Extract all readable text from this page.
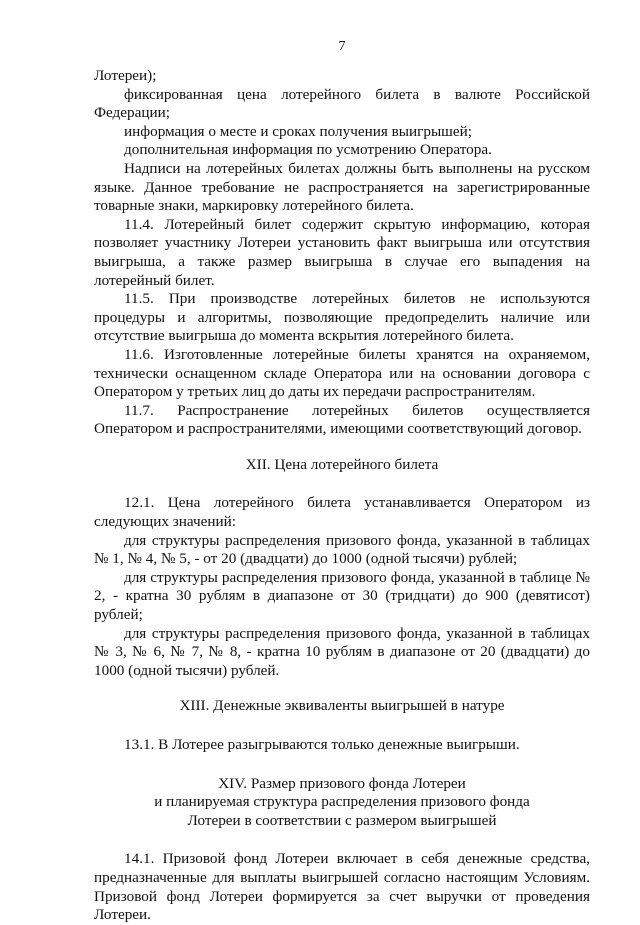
7

Лотереи);

фиксированная цена лотерейного билета в валюте Российской Федерации;

информация о месте и сроках получения выигрышей;

дополнительная информация по усмотрению Оператора.

Надписи на лотерейных билетах должны быть выполнены на русском языке. Данное требование не распространяется на зарегистрированные товарные знаки, маркировку лотерейного билета.

11.4. Лотерейный билет содержит скрытую информацию, которая позволяет участнику Лотереи установить факт выигрыша или отсутствия выигрыша, а также размер выигрыша в случае его выпадения на лотерейный билет.

11.5. При производстве лотерейных билетов не используются процедуры и алгоритмы, позволяющие предопределить наличие или отсутствие выигрыша до момента вскрытия лотерейного билета.

11.6. Изготовленные лотерейные билеты хранятся на охраняемом, технически оснащенном складе Оператора или на основании договора с Оператором у третьих лиц до даты их передачи распространителям.

11.7. Распространение лотерейных билетов осуществляется Оператором и распространителями, имеющими соответствующий договор.

XII. Цена лотерейного билета

12.1. Цена лотерейного билета устанавливается Оператором из следующих значений:

для структуры распределения призового фонда, указанной в таблицах № 1, № 4, № 5, - от 20 (двадцати) до 1000 (одной тысячи) рублей;

для структуры распределения призового фонда, указанной в таблице № 2, - кратна 30 рублям в диапазоне от 30 (тридцати) до 900 (девятисот) рублей;

для структуры распределения призового фонда, указанной в таблицах № 3, № 6, № 7, № 8, - кратна 10 рублям в диапазоне от 20 (двадцати) до 1000 (одной тысячи) рублей.

XIII. Денежные эквиваленты выигрышей в натуре

13.1. В Лотерее разыгрываются только денежные выигрыши.

XIV. Размер призового фонда Лотереи

и планируемая структура распределения призового фонда

Лотереи в соответствии с размером выигрышей

14.1. Призовой фонд Лотереи включает в себя денежные средства, предназначенные для выплаты выигрышей согласно настоящим Условиям. Призовой фонд Лотереи формируется за счет выручки от проведения Лотереи.
